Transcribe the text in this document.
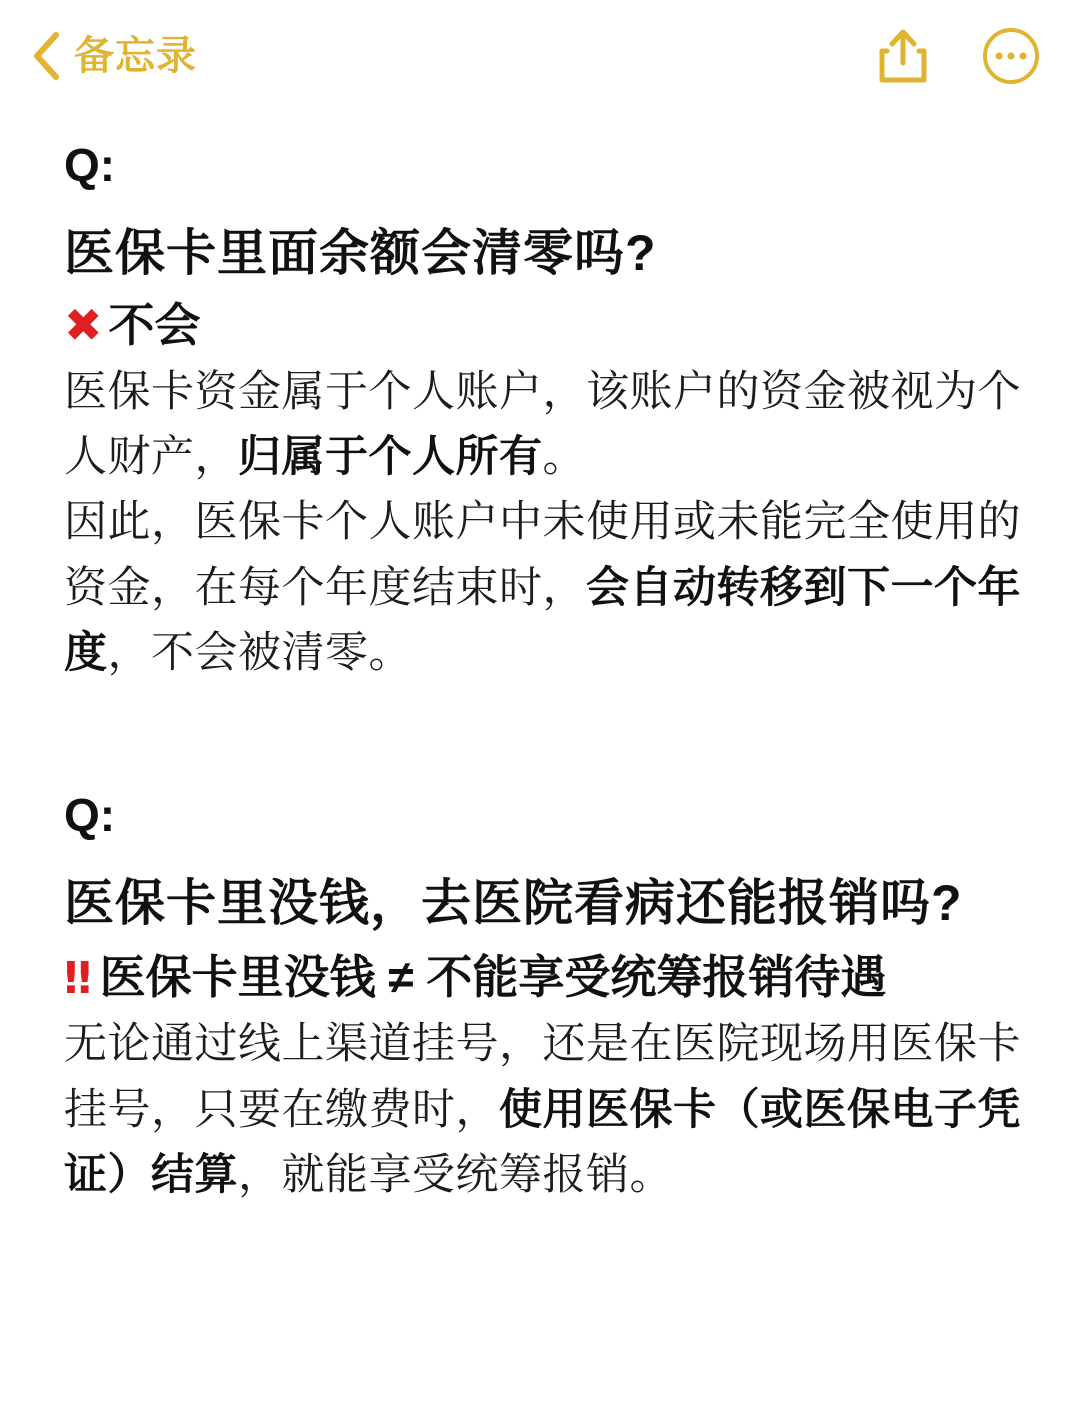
备忘录
Q:
医保卡里面余额会清零吗?
✖ 不会

医保卡资金属于个人账户，该账户的资金被视为个人财产，归属于个人所有。

因此，医保卡个人账户中未使用或未能完全使用的资金，在每个年度结束时，会自动转移到下一个年度，不会被清零。

Q:
医保卡里没钱，去医院看病还能报销吗?
‼ 医保卡里没钱 ≠ 不能享受统筹报销待遇

无论通过线上渠道挂号，还是在医院现场用医保卡挂号，只要在缴费时，使用医保卡（或医保电子凭证）结算，就能享受统筹报销。
